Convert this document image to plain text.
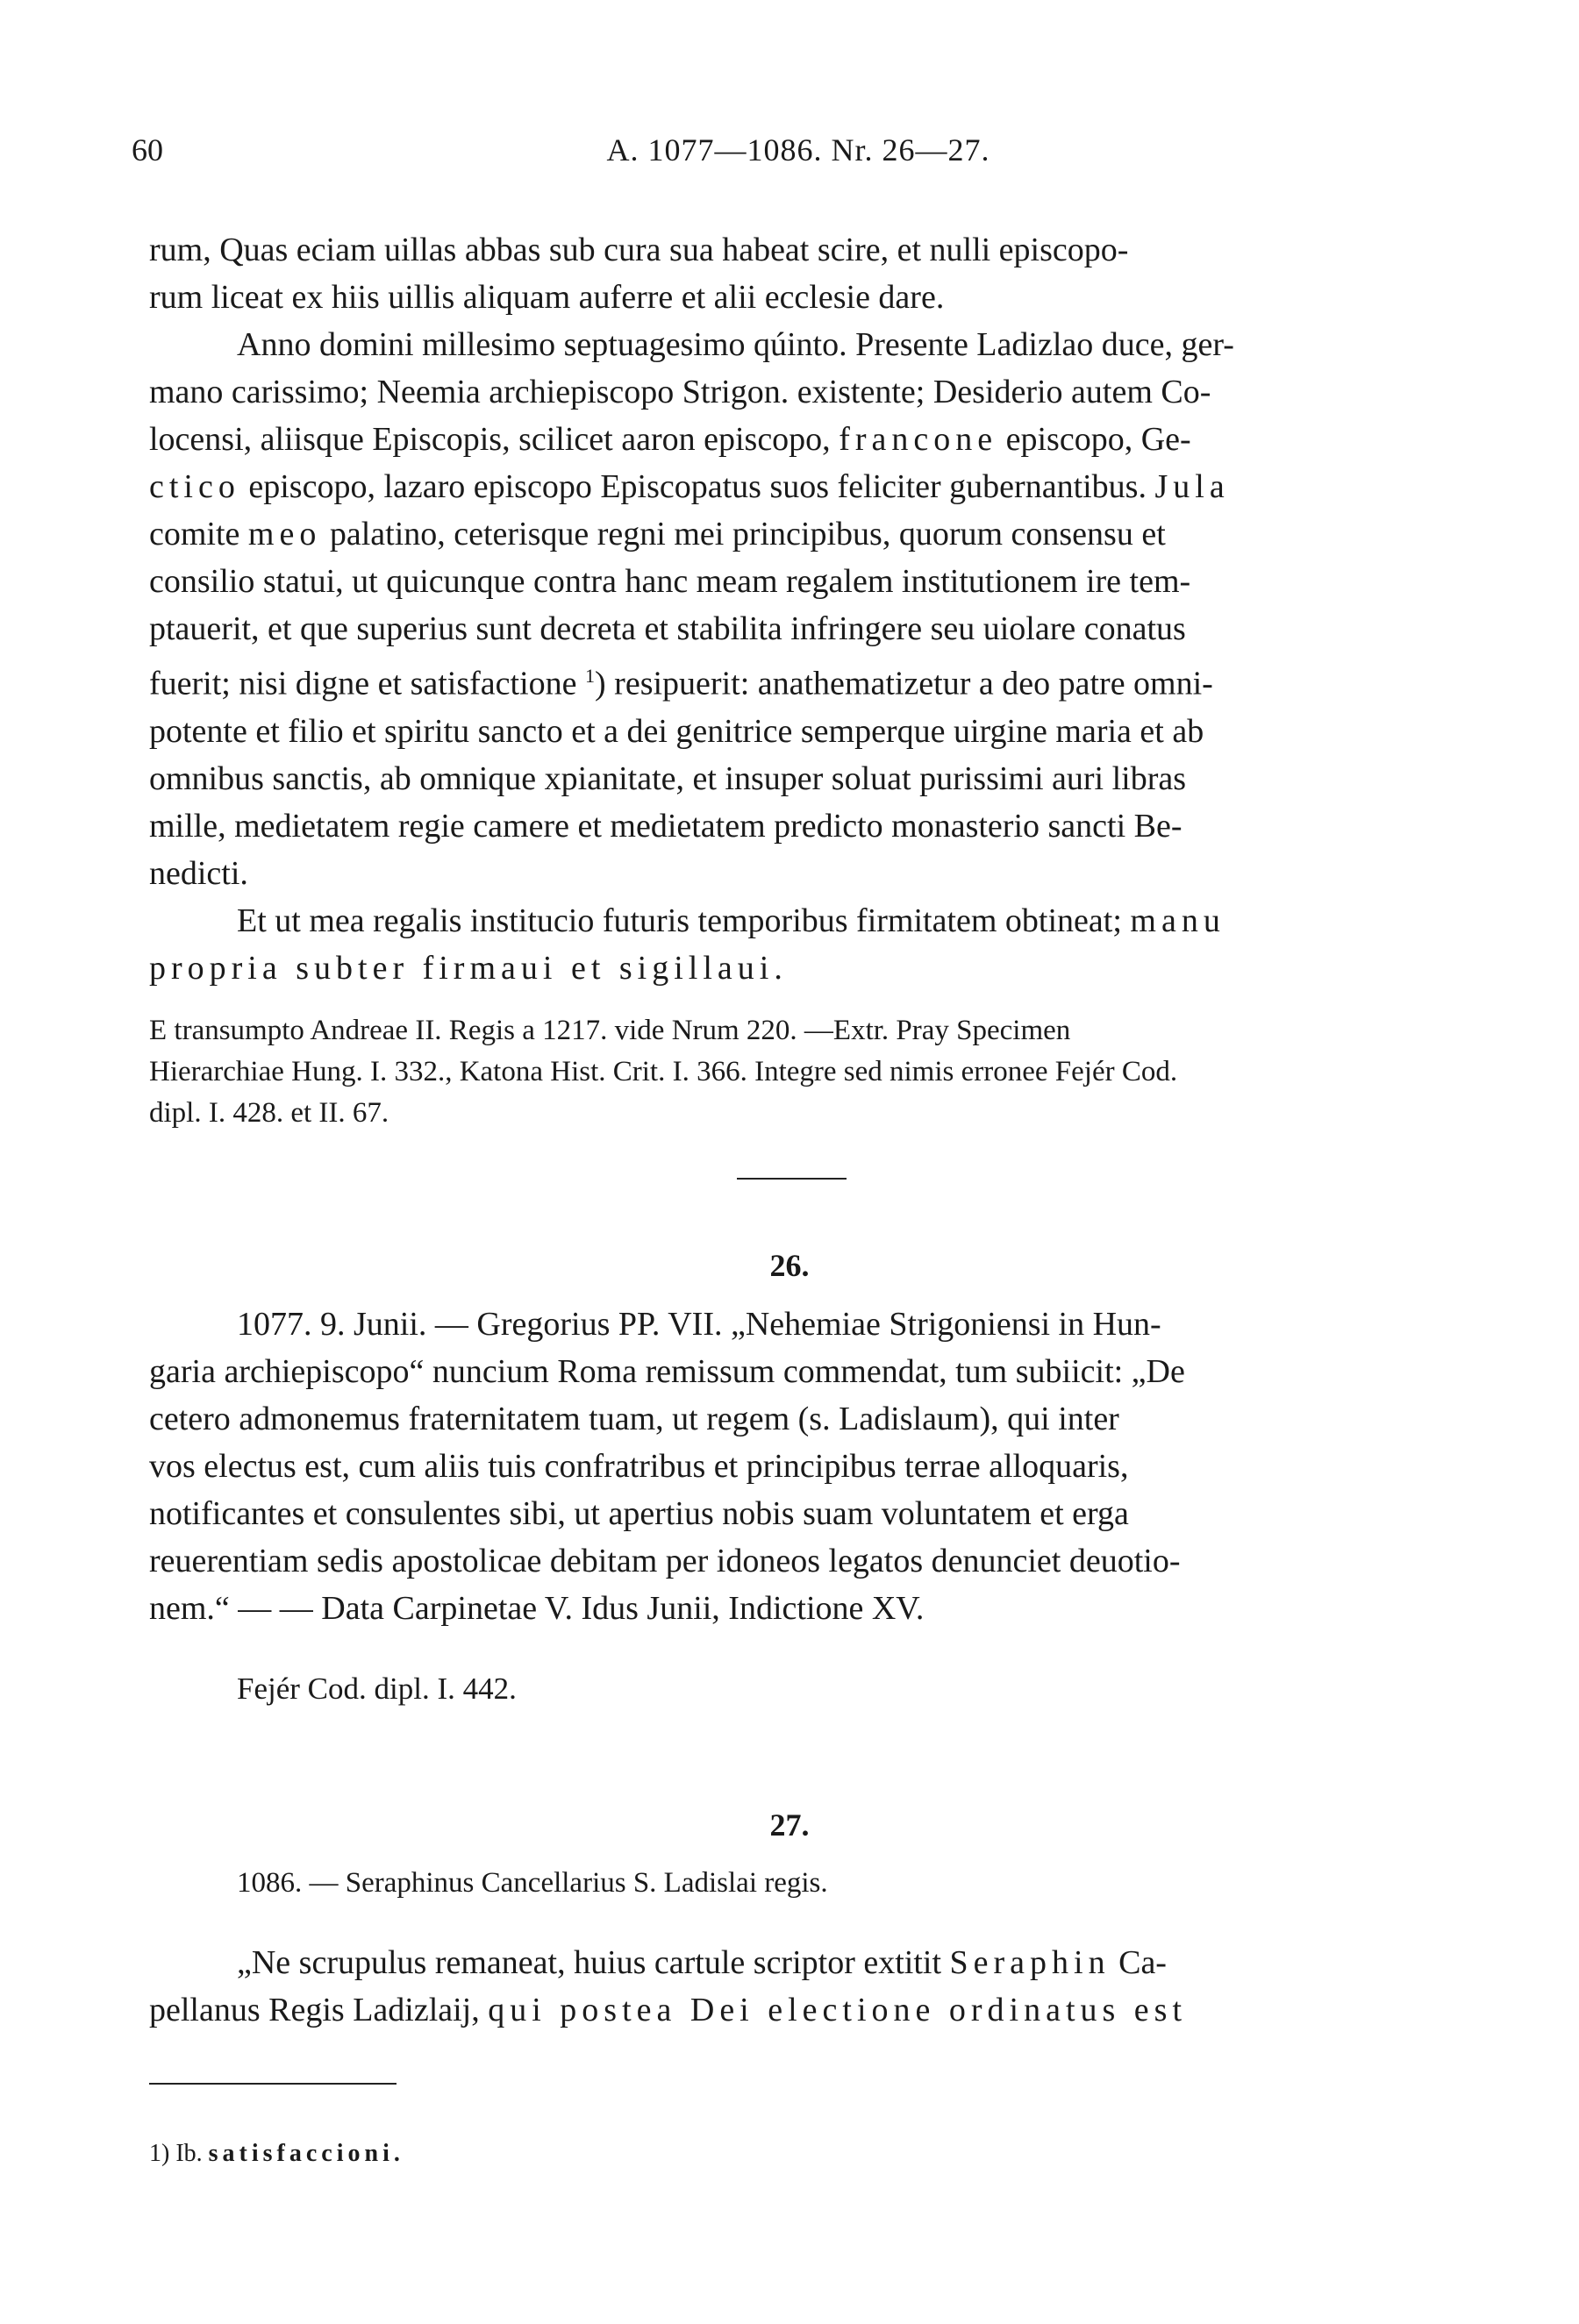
60	A. 1077—1086. Nr. 26—27.

rum, Quas eciam uillas abbas sub cura sua habeat scire, et nulli episcopo-

rum liceat ex hiis uillis aliquam auferre et alii ecclesie dare.

Anno domini millesimo septuagesimo qúinto. Presente Ladizlao duce, ger-

mano carissimo; Neemia archiepiscopo Strigon. existente; Desiderio autem Co-

locensi, aliisque Episcopis, scilicet aaron episcopo, francone episcopo, Ge-

ctico episcopo, lazaro episcopo Episcopatus suos feliciter gubernantibus. Jula

comite meo palatino, ceterisque regni mei principibus, quorum consensu et

consilio statui, ut quicunque contra hanc meam regalem institutionem ire tem-

ptauerit, et que superius sunt decreta et stabilita infringere seu uiolare conatus

fuerit; nisi digne et satisfactione $^1$) resipuerit: anathematizetur a deo patre omni-

potente et filio et spiritu sancto et a dei genitrice semperque uirgine maria et ab

omnibus sanctis, ab omnique xpianitate, et insuper soluat purissimi auri libras

mille, medietatem regie camere et medietatem predicto monasterio sancti Be-

nedicti.

Et ut mea regalis institucio futuris temporibus firmitatem obtineat; manu

propria subter firmaui et sigillaui.

E transumpto Andreae II. Regis a 1217. vide Nrum 220. —Extr. Pray Specimen

Hierarchiae Hung. I. 332., Katona Hist. Crit. I. 366. Integre sed nimis erronee Fejér Cod.

dipl. I. 428. et II. 67.

26.

1077. 9. Junii. — Gregorius PP. VII. „Nehemiae Strigoniensi in Hun-

garia archiepiscopo“ nuncium Roma remissum commendat, tum subiicit: „De

cetero admonemus fraternitatem tuam, ut regem (s. Ladislaum), qui inter

vos electus est, cum aliis tuis confratribus et principibus terrae alloquaris,

notificantes et consulentes sibi, ut apertius nobis suam voluntatem et erga

reuerentiam sedis apostolicae debitam per idoneos legatos denunciet deuotio-

nem.“ — — Data Carpinetae V. Idus Junii, Indictione XV.

Fejér Cod. dipl. I. 442.
27.
1086. — Seraphinus Cancellarius S. Ladislai regis.

„Ne scrupulus remaneat, huius cartule scriptor extitit Seraphin Ca-

pellanus Regis Ladizlaij, qui postea Dei electione ordinatus est

1) Ib. satisfaccioni.
